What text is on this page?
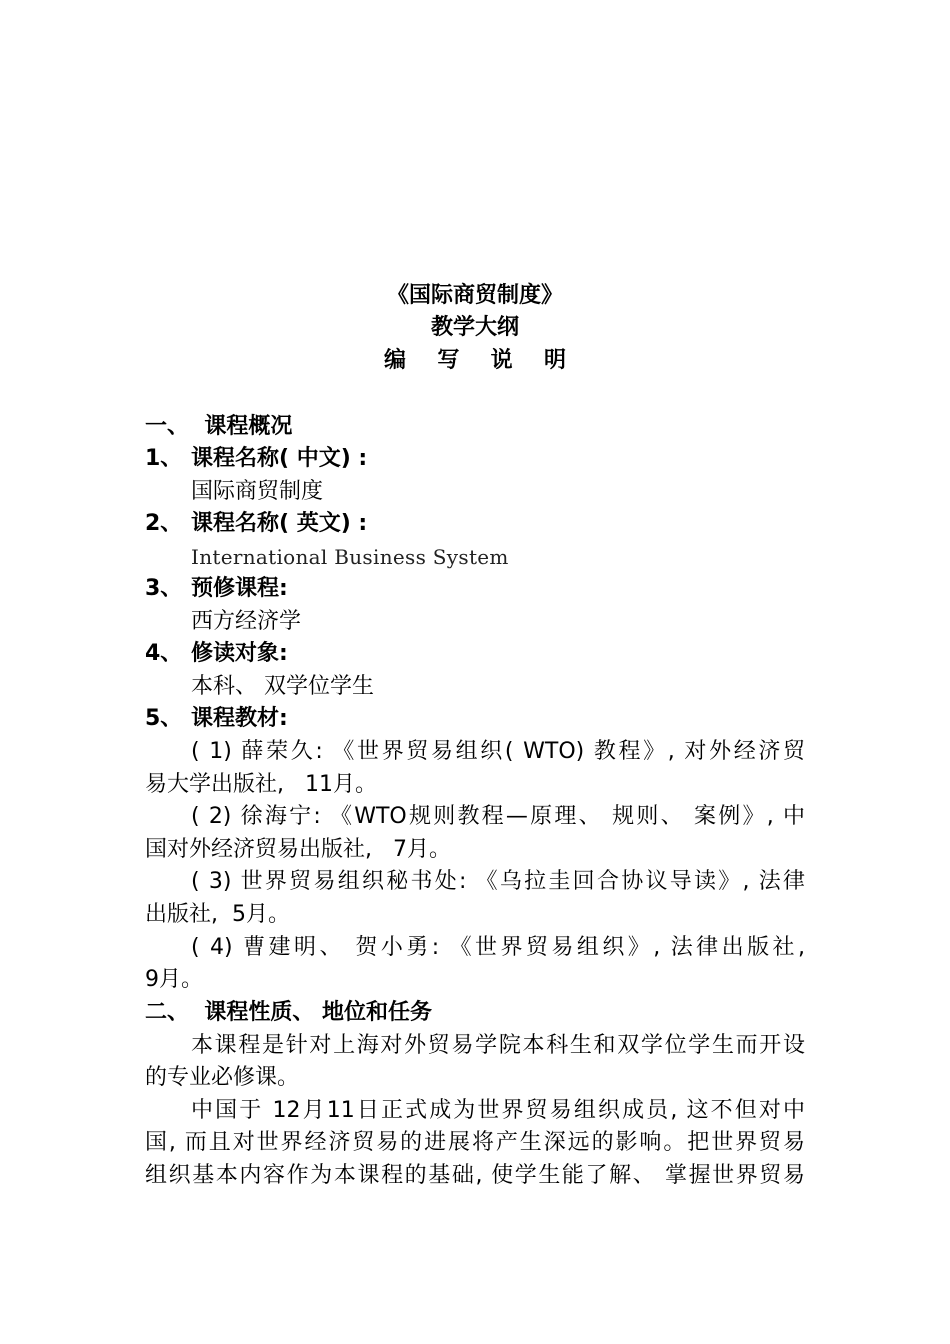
《国际商贸制度》
教学大纲
编  写  说  明
一、  课程概况
1、 课程名称( 中文) :
国际商贸制度
2、 课程名称( 英文) :
International Business System
3、 预修课程:
西方经济学
4、 修读对象:
本科、 双学位学生
5、 课程教材:
( 1) 薛荣久: 《世界贸易组织( WTO) 教程》, 对外经济贸
易大学出版社,   11月。
( 2) 徐海宁: 《WTO规则教程—原理、 规则、 案例》, 中
国对外经济贸易出版社,   7月。
( 3) 世界贸易组织秘书处: 《乌拉圭回合协议导读》, 法律
出版社,  5月。
( 4) 曹建明、 贺小勇: 《世界贸易组织》, 法律出版社,
9月。
二、  课程性质、 地位和任务
本课程是针对上海对外贸易学院本科生和双学位学生而开设
的专业必修课。
中国于 12月11日正式成为世界贸易组织成员, 这不但对中
国, 而且对世界经济贸易的进展将产生深远的影响。把世界贸易
组织基本内容作为本课程的基础, 使学生能了解、 掌握世界贸易
